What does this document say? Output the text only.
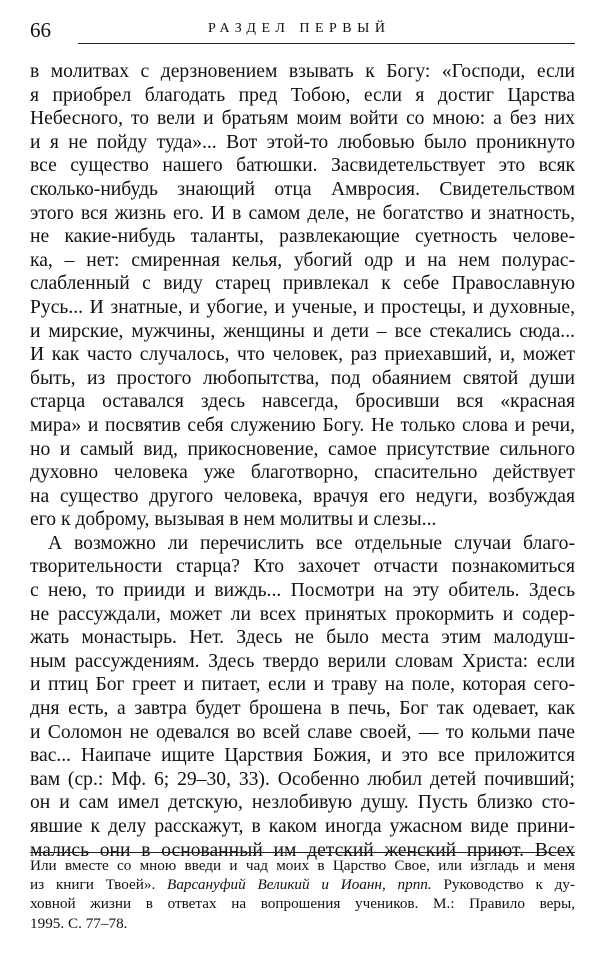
66	РАЗДЕЛ ПЕРВЫЙ
в молитвах с дерзновением взывать к Богу: «Господи, если
я приобрел благодать пред Тобою, если я достиг Царства
Небесного, то вели и братьям моим войти со мною: а без них
и я не пойду туда»... Вот этой-то любовью было проникнуто
все существо нашего батюшки. Засвидетельствует это всяк
сколько-нибудь знающий отца Амвросия. Свидетельством
этого вся жизнь его. И в самом деле, не богатство и знатность,
не какие-нибудь таланты, развлекающие суетность челове-
ка, – нет: смиренная келья, убогий одр и на нем полурас-
слабленный с виду старец привлекал к себе Православную
Русь... И знатные, и убогие, и ученые, и простецы, и духовные,
и мирские, мужчины, женщины и дети – все стекались сюда...
И как часто случалось, что человек, раз приехавший, и, может
быть, из простого любопытства, под обаянием святой души
старца оставался здесь навсегда, бросивши вся «красная
мира» и посвятив себя служению Богу. Не только слова и речи,
но и самый вид, прикосновение, самое присутствие сильного
духовно человека уже благотворно, спасительно действует
на существо другого человека, врачуя его недуги, возбуждая
его к доброму, вызывая в нем молитвы и слезы...
А возможно ли перечислить все отдельные случаи благо-
творительности старца? Кто захочет отчасти познакомиться
с нею, то прииди и виждь... Посмотри на эту обитель. Здесь
не рассуждали, может ли всех принятых прокормить и содер-
жать монастырь. Нет. Здесь не было места этим малодуш-
ным рассуждениям. Здесь твердо верили словам Христа: если
и птиц Бог греет и питает, если и траву на поле, которая сего-
дня есть, а завтра будет брошена в печь, Бог так одевает, как
и Соломон не одевался во всей славе своей, — то кольми паче
вас... Наипаче ищите Царствия Божия, и это все приложится
вам (ср.: Мф. 6; 29–30, 33). Особенно любил детей почивший;
он и сам имел детскую, незлобивую душу. Пусть близко сто-
явшие к делу расскажут, в каком иногда ужасном виде прини-
мались они в основанный им детский женский приют. Всех
Или вместе со мною введи и чад моих в Царство Свое, или изгладь и меня
из книги Твоей». Варсануфий Великий и Иоанн, прпп. Руководство к ду-
ховной жизни в ответах на вопрошения учеников. М.: Правило веры,
1995. С. 77–78.
